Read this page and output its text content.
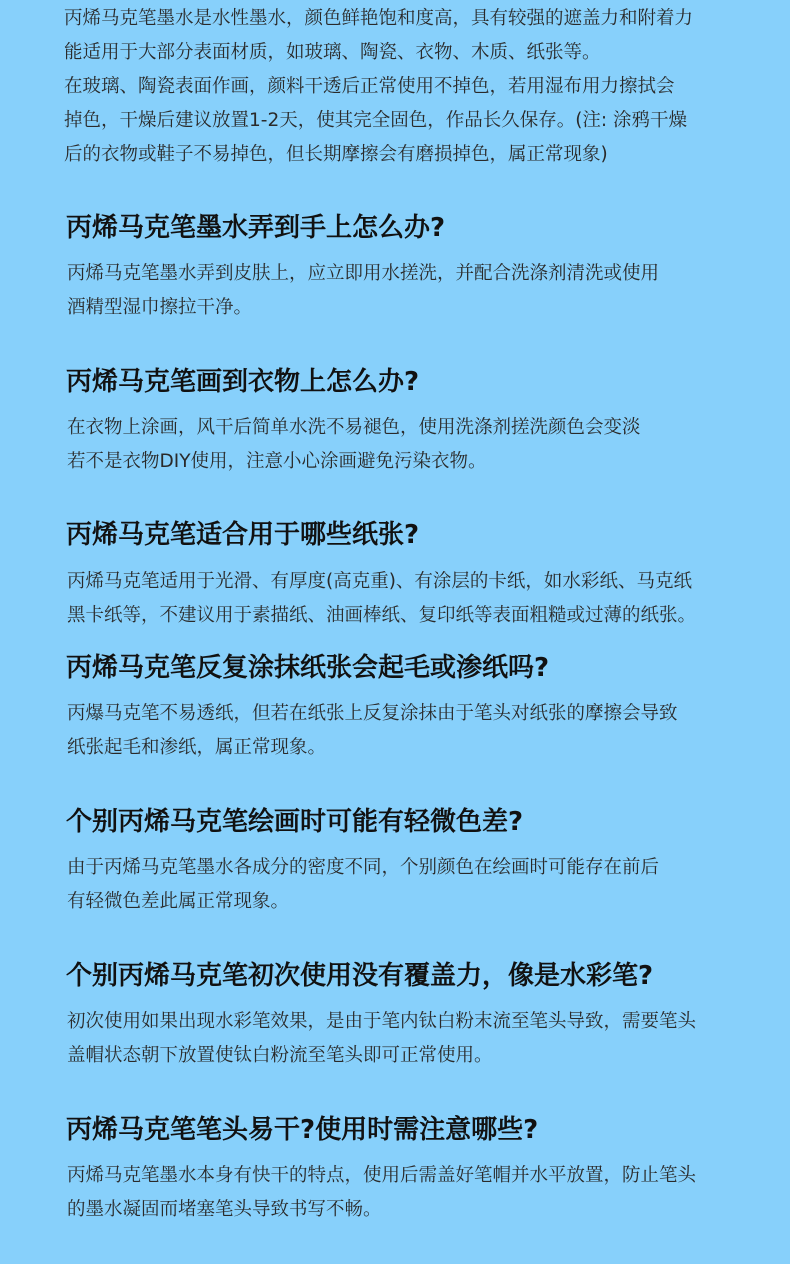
丙烯马克笔墨水是水性墨水，颜色鲜艳饱和度高，具有较强的遮盖力和附着力
能适用于大部分表面材质，如玻璃、陶瓷、衣物、木质、纸张等。
在玻璃、陶瓷表面作画，颜料干透后正常使用不掉色，若用湿布用力擦拭会
掉色，干燥后建议放置1-2天，使其完全固色，作品长久保存。(注: 涂鸦干燥
后的衣物或鞋子不易掉色，但长期摩擦会有磨损掉色，属正常现象)
丙烯马克笔墨水弄到手上怎么办?
丙烯马克笔墨水弄到皮肤上，应立即用水搓洗，并配合洗涤剂清洗或使用
酒精型湿巾擦拉干净。
丙烯马克笔画到衣物上怎么办?
在衣物上涂画，风干后简单水洗不易褪色，使用洗涤剂搓洗颜色会变淡
若不是衣物DIY使用，注意小心涂画避免污染衣物。
丙烯马克笔适合用于哪些纸张?
丙烯马克笔适用于光滑、有厚度(高克重)、有涂层的卡纸，如水彩纸、马克纸
黑卡纸等，不建议用于素描纸、油画棒纸、复印纸等表面粗糙或过薄的纸张。
丙烯马克笔反复涂抹纸张会起毛或渗纸吗?
丙爆马克笔不易透纸，但若在纸张上反复涂抹由于笔头对纸张的摩擦会导致
纸张起毛和渗纸，属正常现象。
个别丙烯马克笔绘画时可能有轻微色差?
由于丙烯马克笔墨水各成分的密度不同，个别颜色在绘画时可能存在前后
有轻微色差此属正常现象。
个别丙烯马克笔初次使用没有覆盖力，像是水彩笔?
初次使用如果出现水彩笔效果，是由于笔内钛白粉末流至笔头导致，需要笔头
盖帽状态朝下放置使钛白粉流至笔头即可正常使用。
丙烯马克笔笔头易干?使用时需注意哪些?
丙烯马克笔墨水本身有快干的特点，使用后需盖好笔帽并水平放置，防止笔头
的墨水凝固而堵塞笔头导致书写不畅。
